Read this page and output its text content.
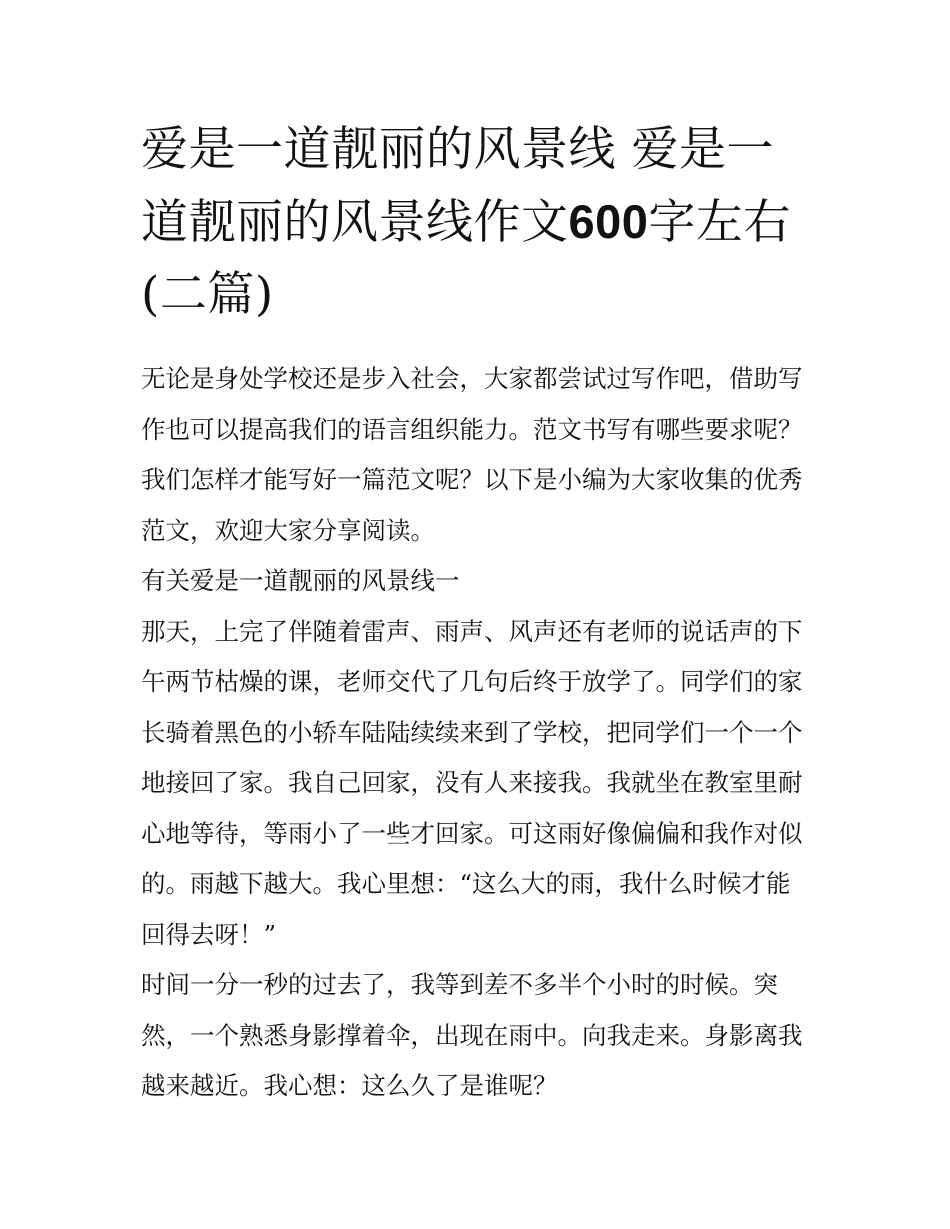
爱是一道靓丽的风景线 爱是一道靓丽的风景线作文600字左右(二篇)

无论是身处学校还是步入社会，大家都尝试过写作吧，借助写作也可以提高我们的语言组织能力。范文书写有哪些要求呢？我们怎样才能写好一篇范文呢？以下是小编为大家收集的优秀范文，欢迎大家分享阅读。

有关爱是一道靓丽的风景线一

那天，上完了伴随着雷声、雨声、风声还有老师的说话声的下午两节枯燥的课，老师交代了几句后终于放学了。同学们的家长骑着黑色的小轿车陆陆续续来到了学校，把同学们一个一个地接回了家。我自己回家，没有人来接我。我就坐在教室里耐心地等待，等雨小了一些才回家。可这雨好像偏偏和我作对似的。雨越下越大。我心里想：“这么大的雨，我什么时候才能回得去呀！”

时间一分一秒的过去了，我等到差不多半个小时的时候。突然，一个熟悉身影撑着伞，出现在雨中。向我走来。身影离我越来越近。我心想：这么久了是谁呢？
